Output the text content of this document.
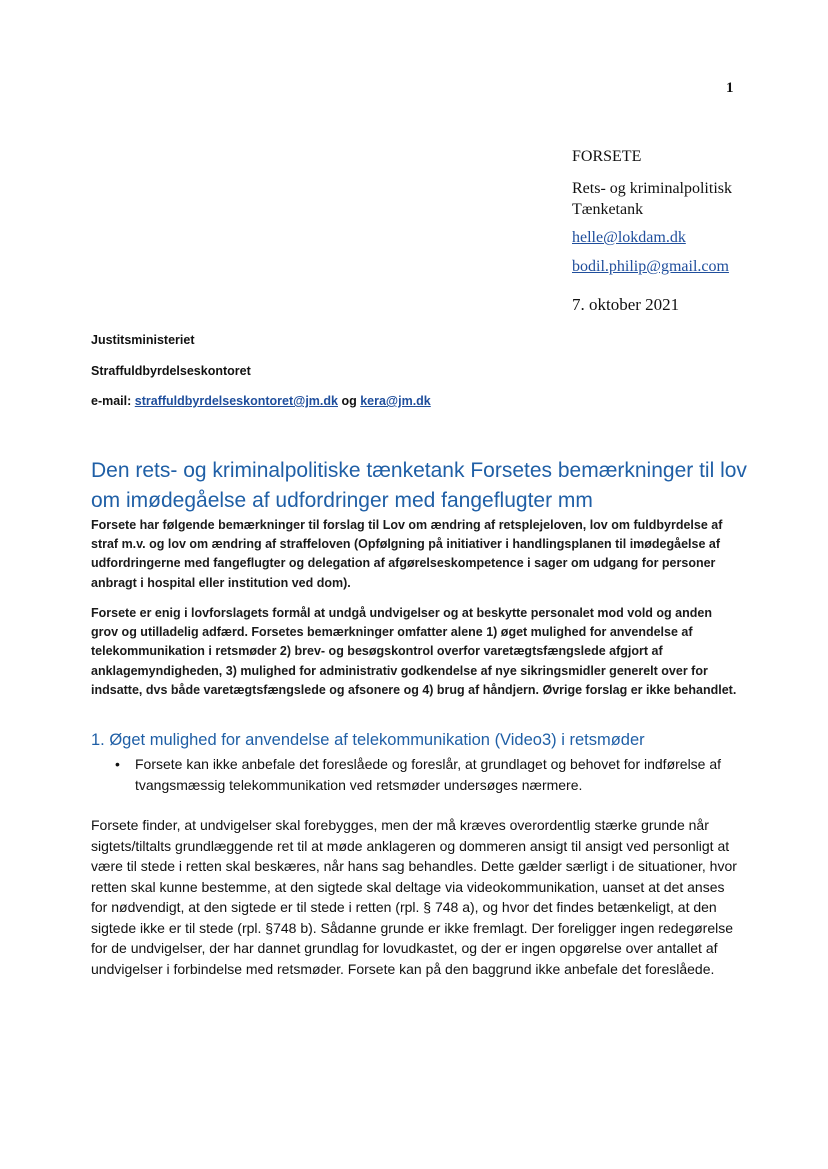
1
FORSETE
Rets- og kriminalpolitisk
Tænketank
helle@lokdam.dk
bodil.philip@gmail.com
7. oktober 2021
Justitsministeriet
Straffuldbyrdelseskontoret
e-mail: straffuldbyrdelseskontoret@jm.dk og kera@jm.dk
Den rets- og kriminalpolitiske tænketank Forsetes bemærkninger til lov om imødegåelse af udfordringer med fangeflugter mm
Forsete har følgende bemærkninger til forslag til Lov om ændring af retsplejeloven, lov om fuldbyrdelse af straf m.v. og lov om ændring af straffeloven (Opfølgning på initiativer i handlingsplanen til imødegåelse af udfordringerne med fangeflugter og delegation af afgørelseskompetence i sager om udgang for personer anbragt i hospital eller institution ved dom).
Forsete er enig i lovforslagets formål at undgå undvigelser og at beskytte personalet mod vold og anden grov og utilladelig adfærd. Forsetes bemærkninger omfatter alene 1) øget mulighed for anvendelse af telekommunikation i retsmøder 2) brev- og besøgskontrol overfor varetægtsfængslede afgjort af anklagemyndigheden, 3) mulighed for administrativ godkendelse af nye sikringsmidler generelt over for indsatte, dvs både varetægtsfængslede og afsonere og 4) brug af håndjern. Øvrige forslag er ikke behandlet.
1. Øget mulighed for anvendelse af telekommunikation (Video3) i retsmøder
• Forsete kan ikke anbefale det foreslåede og foreslår, at grundlaget og behovet for indførelse af tvangsmæssig telekommunikation ved retsmøder undersøges nærmere.
Forsete finder, at undvigelser skal forebygges, men der må kræves overordentlig stærke grunde når sigtets/tiltalts grundlæggende ret til at møde anklageren og dommeren ansigt til ansigt ved personligt at være til stede i retten skal beskæres, når hans sag behandles. Dette gælder særligt i de situationer, hvor retten skal kunne bestemme, at den sigtede skal deltage via videokommunikation, uanset at det anses for nødvendigt, at den sigtede er til stede i retten (rpl. § 748 a), og hvor det findes betænkeligt, at den sigtede ikke er til stede (rpl. §748 b). Sådanne grunde er ikke fremlagt. Der foreligger ingen redegørelse for de undvigelser, der har dannet grundlag for lovudkastet, og der er ingen opgørelse over antallet af undvigelser i forbindelse med retsmøder. Forsete kan på den baggrund ikke anbefale det foreslåede.
